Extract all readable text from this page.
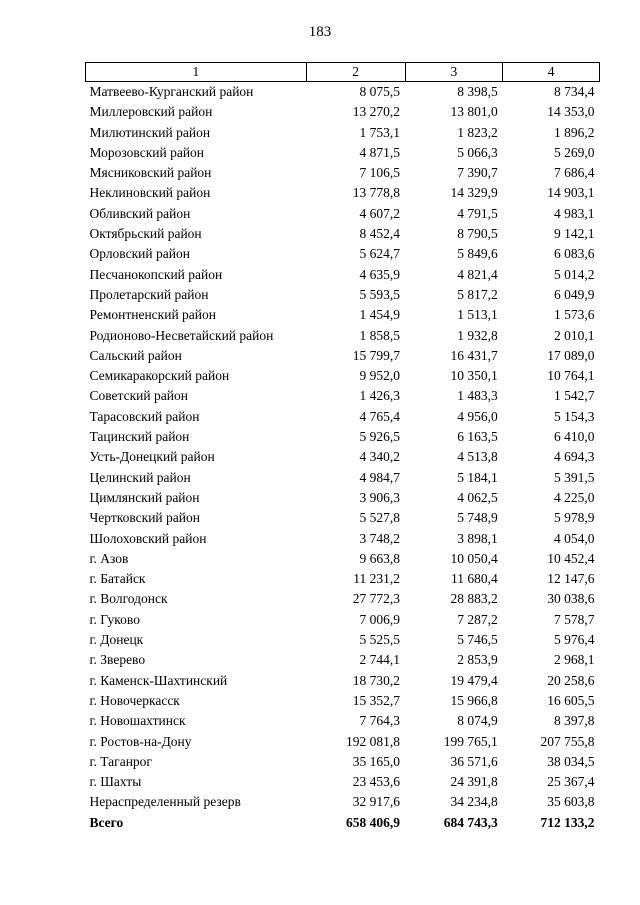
183
1	2	3	4
Матвеево-Курганский район	8 075,5	8 398,5	8 734,4
Миллеровский район	13 270,2	13 801,0	14 353,0
Милютинский район	1 753,1	1 823,2	1 896,2
Морозовский район	4 871,5	5 066,3	5 269,0
Мясниковский район	7 106,5	7 390,7	7 686,4
Неклиновский район	13 778,8	14 329,9	14 903,1
Обливский район	4 607,2	4 791,5	4 983,1
Октябрьский район	8 452,4	8 790,5	9 142,1
Орловский район	5 624,7	5 849,6	6 083,6
Песчанокопский район	4 635,9	4 821,4	5 014,2
Пролетарский район	5 593,5	5 817,2	6 049,9
Ремонтненский район	1 454,9	1 513,1	1 573,6
Родионово-Несветайский район	1 858,5	1 932,8	2 010,1
Сальский район	15 799,7	16 431,7	17 089,0
Семикаракорский район	9 952,0	10 350,1	10 764,1
Советский район	1 426,3	1 483,3	1 542,7
Тарасовский район	4 765,4	4 956,0	5 154,3
Тацинский район	5 926,5	6 163,5	6 410,0
Усть-Донецкий район	4 340,2	4 513,8	4 694,3
Целинский район	4 984,7	5 184,1	5 391,5
Цимлянский район	3 906,3	4 062,5	4 225,0
Чертковский район	5 527,8	5 748,9	5 978,9
Шолоховский район	3 748,2	3 898,1	4 054,0
г. Азов	9 663,8	10 050,4	10 452,4
г. Батайск	11 231,2	11 680,4	12 147,6
г. Волгодонск	27 772,3	28 883,2	30 038,6
г. Гуково	7 006,9	7 287,2	7 578,7
г. Донецк	5 525,5	5 746,5	5 976,4
г. Зверево	2 744,1	2 853,9	2 968,1
г. Каменск-Шахтинский	18 730,2	19 479,4	20 258,6
г. Новочеркасск	15 352,7	15 966,8	16 605,5
г. Новошахтинск	7 764,3	8 074,9	8 397,8
г. Ростов-на-Дону	192 081,8	199 765,1	207 755,8
г. Таганрог	35 165,0	36 571,6	38 034,5
г. Шахты	23 453,6	24 391,8	25 367,4
Нераспределенный резерв	32 917,6	34 234,8	35 603,8
Всего	658 406,9	684 743,3	712 133,2
